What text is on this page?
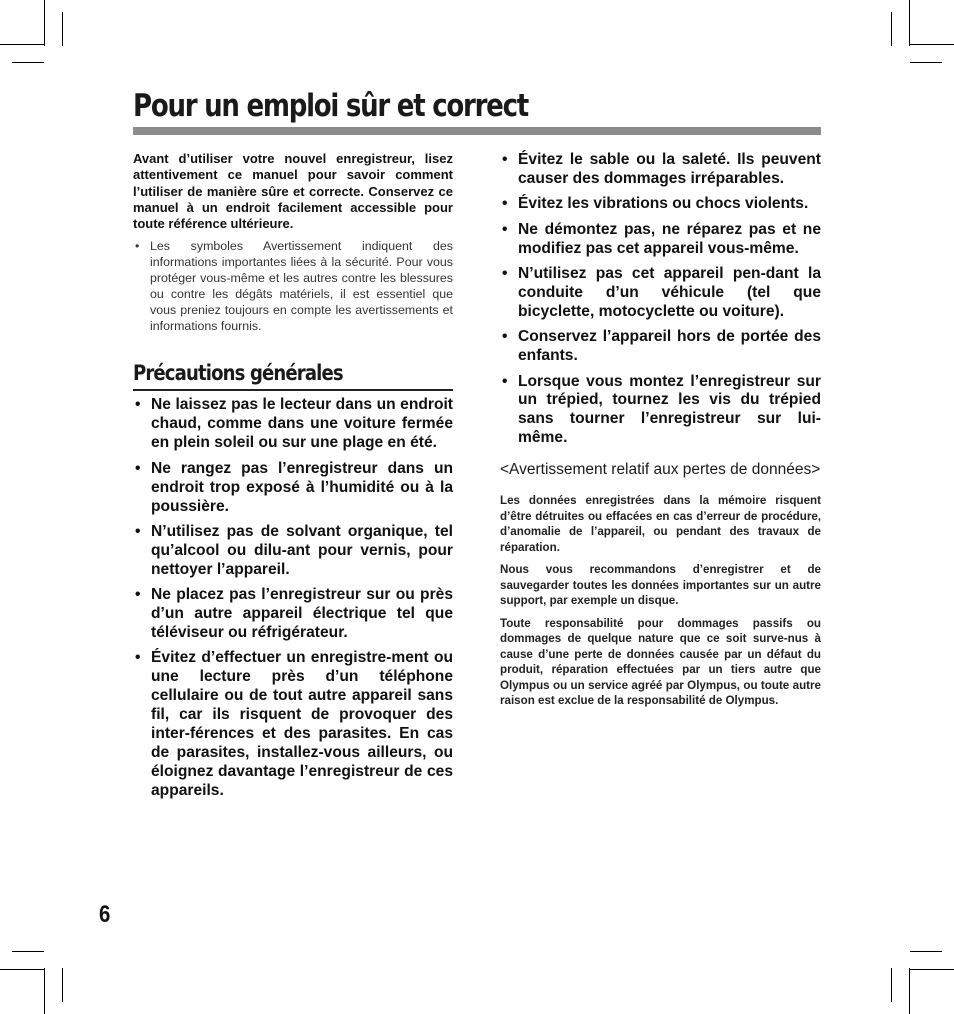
Pour un emploi sûr et correct

Avant d’utiliser votre nouvel enregistreur, lisez attentivement ce manuel pour savoir comment l’utiliser de manière sûre et correcte. Conservez ce manuel à un endroit facilement accessible pour toute référence ultérieure.

• Les symboles Avertissement indiquent des informations importantes liées à la sécurité. Pour vous protéger vous-même et les autres contre les blessures ou contre les dégâts matériels, il est essentiel que vous preniez toujours en compte les avertissements et informations fournis.
Précautions générales
• Ne laissez pas le lecteur dans un endroit chaud, comme dans une voiture fermée en plein soleil ou sur une plage en été.
• Ne rangez pas l’enregistreur dans un endroit trop exposé à l’humidité ou à la poussière.
• N’utilisez pas de solvant organique, tel qu’alcool ou dilu-ant pour vernis, pour nettoyer l’appareil.
• Ne placez pas l’enregistreur sur ou près d’un autre appareil électrique tel que téléviseur ou réfrigérateur.
• Évitez d’effectuer un enregistre-ment ou une lecture près d’un téléphone cellulaire ou de tout autre appareil sans fil, car ils risquent de provoquer des inter-férences et des parasites. En cas de parasites, installez-vous ailleurs, ou éloignez davantage l’enregistreur de ces appareils.
• Évitez le sable ou la saleté. Ils peuvent causer des dommages irréparables.
• Évitez les vibrations ou chocs violents.
• Ne démontez pas, ne réparez pas et ne modifiez pas cet appareil vous-même.
• N’utilisez pas cet appareil pen-dant la conduite d’un véhicule (tel que bicyclette, motocyclette ou voiture).
• Conservez l’appareil hors de portée des enfants.
• Lorsque vous montez l’enregistreur sur un trépied, tournez les vis du trépied sans tourner l’enregistreur sur lui-même.
<Avertissement relatif aux pertes de données>

Les données enregistrées dans la mémoire risquent d’être détruites ou effacées en cas d’erreur de procédure, d’anomalie de l’appareil, ou pendant des travaux de réparation.

Nous vous recommandons d’enregistrer et de sauvegarder toutes les données importantes sur un autre support, par exemple un disque.

Toute responsabilité pour dommages passifs ou dommages de quelque nature que ce soit surve-nus à cause d’une perte de données causée par un défaut du produit, réparation effectuées par un tiers autre que Olympus ou un service agréé par Olympus, ou toute autre raison est exclue de la responsabilité de Olympus.

6
